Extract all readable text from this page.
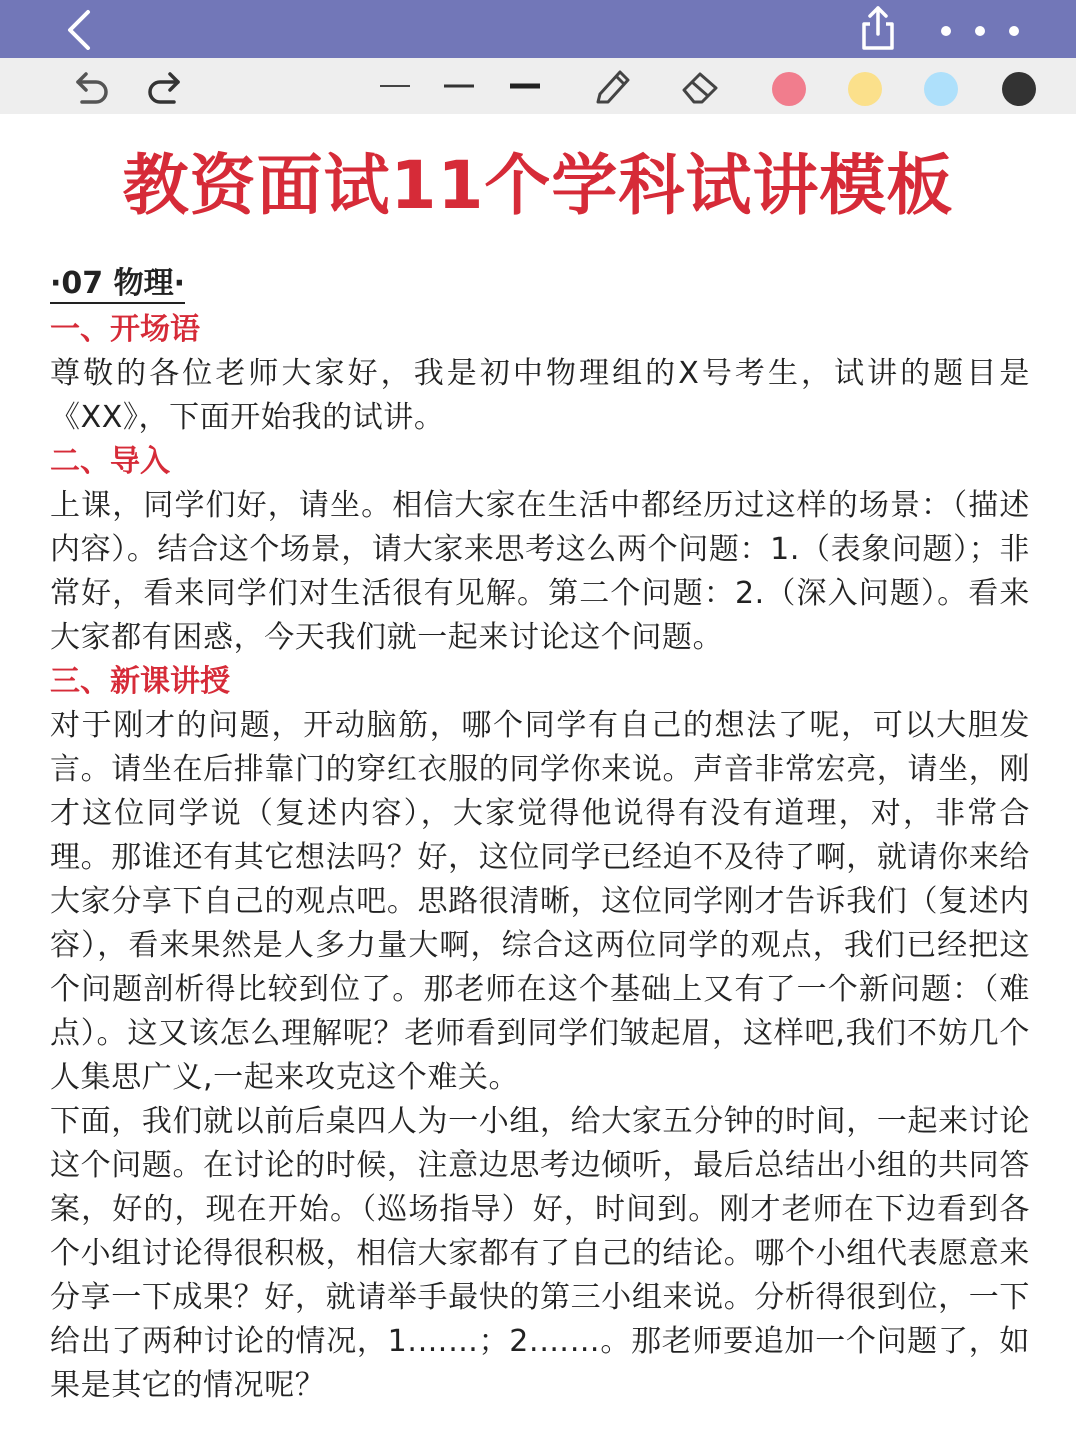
教资面试11个学科试讲模板
·07 物理·
一、开场语
尊敬的各位老师大家好，我是初中物理组的X号考生，试讲的题目是《XX》，下面开始我的试讲。
二、导入
上课，同学们好，请坐。相信大家在生活中都经历过这样的场景：（描述内容）。结合这个场景，请大家来思考这么两个问题：1.（表象问题）；非常好，看来同学们对生活很有见解。第二个问题：2.（深入问题）。看来大家都有困惑，今天我们就一起来讨论这个问题。
三、新课讲授
对于刚才的问题，开动脑筋，哪个同学有自己的想法了呢，可以大胆发言。请坐在后排靠门的穿红衣服的同学你来说。声音非常宏亮，请坐，刚才这位同学说（复述内容），大家觉得他说得有没有道理，对，非常合理。那谁还有其它想法吗？好，这位同学已经迫不及待了啊，就请你来给大家分享下自己的观点吧。思路很清晰，这位同学刚才告诉我们（复述内容），看来果然是人多力量大啊，综合这两位同学的观点，我们已经把这个问题剖析得比较到位了。那老师在这个基础上又有了一个新问题：（难点）。这又该怎么理解呢？老师看到同学们皱起眉，这样吧,我们不妨几个人集思广义,一起来攻克这个难关。
下面，我们就以前后桌四人为一小组，给大家五分钟的时间，一起来讨论这个问题。在讨论的时候，注意边思考边倾听，最后总结出小组的共同答案，好的，现在开始。（巡场指导）好，时间到。刚才老师在下边看到各个小组讨论得很积极，相信大家都有了自己的结论。哪个小组代表愿意来分享一下成果？好，就请举手最快的第三小组来说。分析得很到位，一下给出了两种讨论的情况，1.……；2.……。那老师要追加一个问题了，如果是其它的情况呢？
